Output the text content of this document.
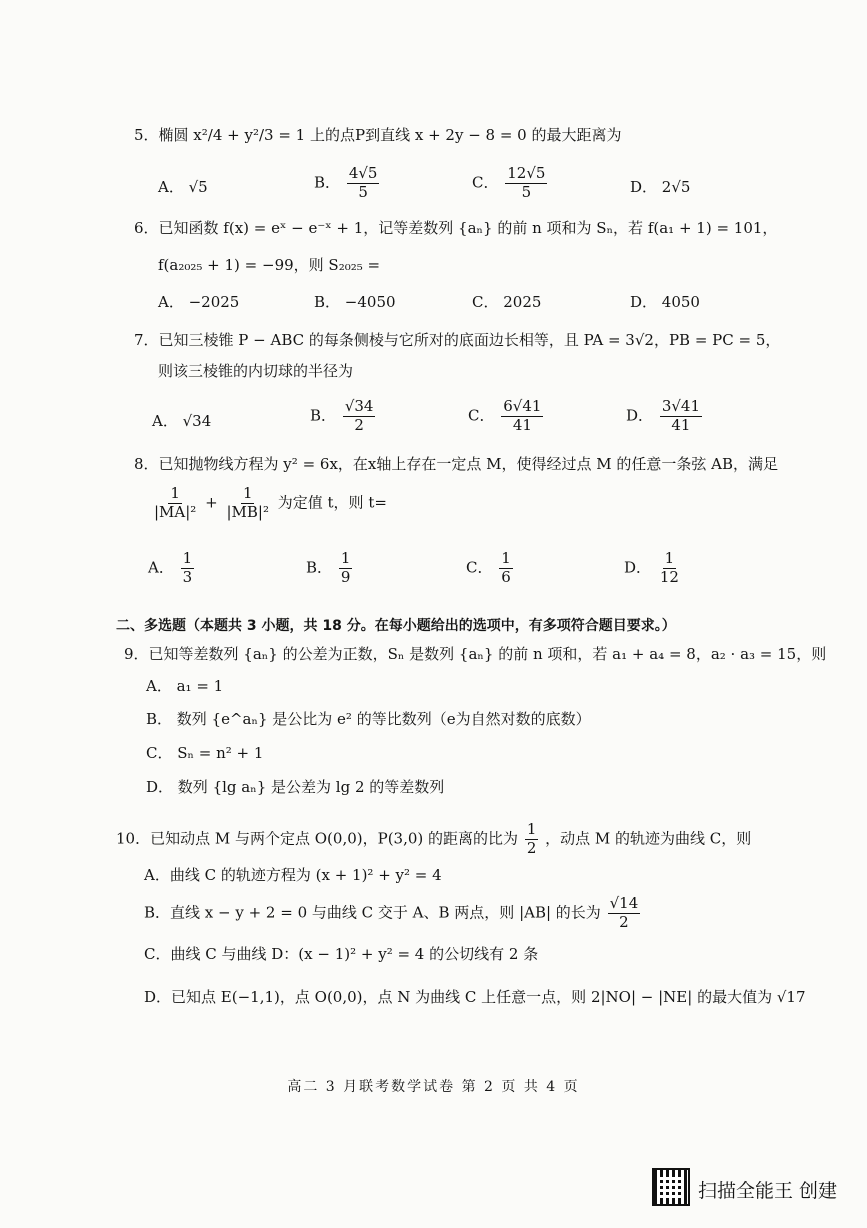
5．椭圆 x²/4 + y²/3 = 1 上的点P到直线 x + 2y − 8 = 0 的最大距离为
A． √5	B． $\frac{4√5}{5}$	C． $\frac{12√5}{5}$	D． 2√5
6．已知函数 f(x) = eˣ − e⁻ˣ + 1，记等差数列 {aₙ} 的前 n 项和为 Sₙ，若 f(a₁ + 1) = 101，
f(a₂₀₂₅ + 1) = −99，则 S₂₀₂₅ =
A． −2025	B． −4050	C． 2025	D． 4050
7．已知三棱锥 P − ABC 的每条侧棱与它所对的底面边长相等，且 PA = 3√2，PB = PC = 5，
则该三棱锥的内切球的半径为
A． √34	B． $\frac{√34}{2}$	C． $\frac{6√41}{41}$	D． $\frac{3√41}{41}$
8．已知抛物线方程为 y² = 6x，在x轴上存在一定点 M，使得经过点 M 的任意一条弦 AB，满足
$\frac{1}{\text{|MA|²}} + \frac{1}{\text{|MB|²}}$ 为定值 t，则 t=
A． $\frac{1}{3}$	B． $\frac{1}{9}$	C． $\frac{1}{6}$	D． $\frac{1}{12}$
二、多选题（本题共 3 小题，共 18 分。在每小题给出的选项中，有多项符合题目要求。）
9．已知等差数列 {aₙ} 的公差为正数，Sₙ 是数列 {aₙ} 的前 n 项和，若 a₁ + a₄ = 8，a₂ · a₃ = 15，则
A． a₁ = 1
B． 数列 {e^aₙ} 是公比为 e² 的等比数列（e为自然对数的底数）
C． Sₙ = n² + 1
D． 数列 {lg aₙ} 是公差为 lg 2 的等差数列
10．已知动点 M 与两个定点 O(0,0)，P(3,0) 的距离的比为 $\frac{1}{2}$ ，动点 M 的轨迹为曲线 C，则
A．曲线 C 的轨迹方程为 (x + 1)² + y² = 4
B．直线 x − y + 2 = 0 与曲线 C 交于 A、B 两点，则 |AB| 的长为 $\frac{√14}{2}$
C．曲线 C 与曲线 D：(x − 1)² + y² = 4 的公切线有 2 条
D．已知点 E(−1,1)，点 O(0,0)，点 N 为曲线 C 上任意一点，则 2|NO| − |NE| 的最大值为 √17
高二 3 月联考数学试卷 第 2 页 共 4 页
扫描全能王 创建
